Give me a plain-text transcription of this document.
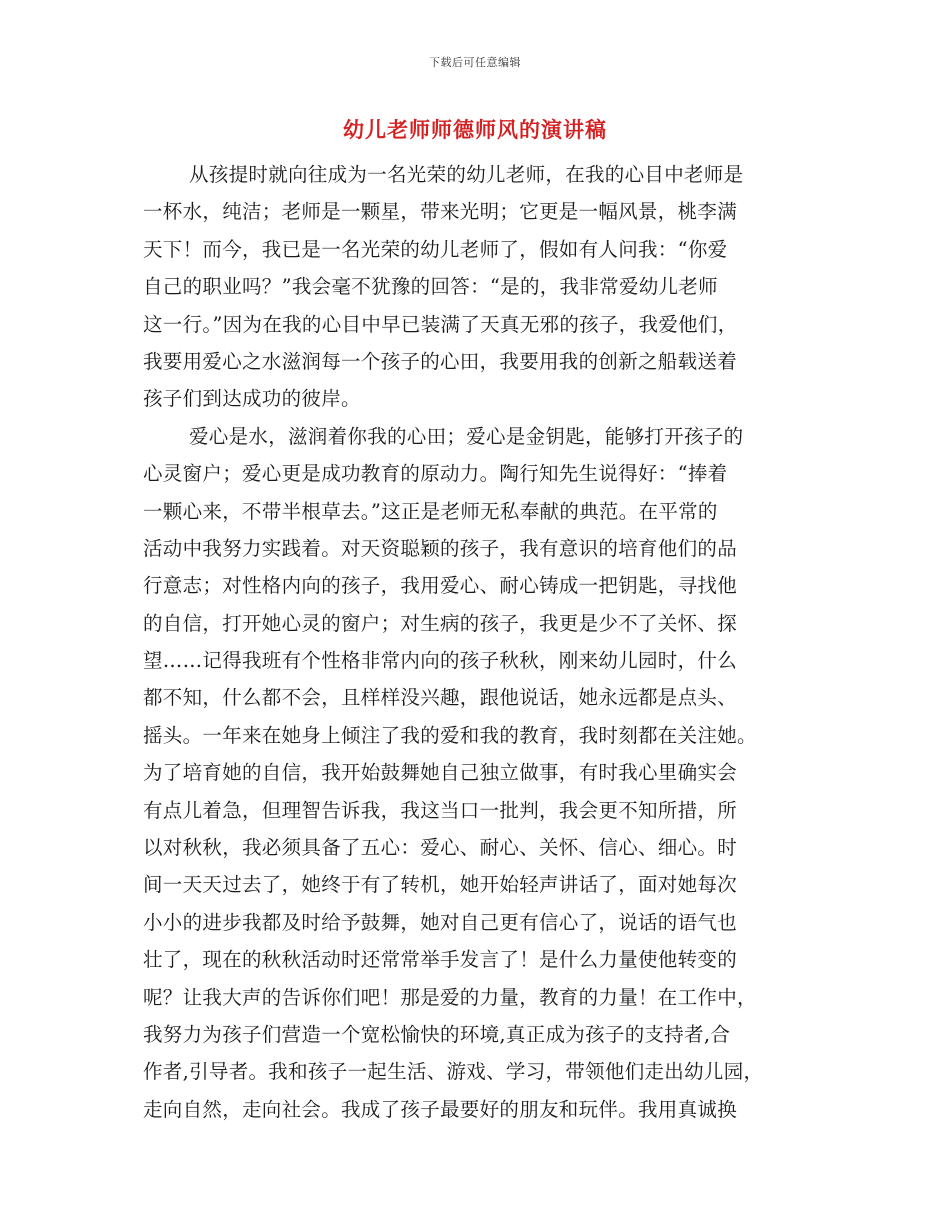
下载后可任意编辑
幼儿老师师德师风的演讲稿
从孩提时就向往成为一名光荣的幼儿老师，在我的心目中老师是
一杯水，纯洁；老师是一颗星，带来光明；它更是一幅风景，桃李满
天下！而今，我已是一名光荣的幼儿老师了，假如有人问我：“你爱
自己的职业吗？”我会毫不犹豫的回答：“是的，我非常爱幼儿老师
这一行。”因为在我的心目中早已装满了天真无邪的孩子，我爱他们，
我要用爱心之水滋润每一个孩子的心田，我要用我的创新之船载送着
孩子们到达成功的彼岸。
爱心是水，滋润着你我的心田；爱心是金钥匙，能够打开孩子的
心灵窗户；爱心更是成功教育的原动力。陶行知先生说得好：“捧着
一颗心来，不带半根草去。”这正是老师无私奉献的典范。在平常的
活动中我努力实践着。对天资聪颖的孩子，我有意识的培育他们的品
行意志；对性格内向的孩子，我用爱心、耐心铸成一把钥匙，寻找他
的自信，打开她心灵的窗户；对生病的孩子，我更是少不了关怀、探
望……记得我班有个性格非常内向的孩子秋秋，刚来幼儿园时，什么
都不知，什么都不会，且样样没兴趣，跟他说话，她永远都是点头、
摇头。一年来在她身上倾注了我的爱和我的教育，我时刻都在关注她。
为了培育她的自信，我开始鼓舞她自己独立做事，有时我心里确实会
有点儿着急，但理智告诉我，我这当口一批判，我会更不知所措，所
以对秋秋，我必须具备了五心：爱心、耐心、关怀、信心、细心。时
间一天天过去了，她终于有了转机，她开始轻声讲话了，面对她每次
小小的进步我都及时给予鼓舞，她对自己更有信心了，说话的语气也
壮了，现在的秋秋活动时还常常举手发言了！是什么力量使他转变的
呢？让我大声的告诉你们吧！那是爱的力量，教育的力量！在工作中，
我努力为孩子们营造一个宽松愉快的环境,真正成为孩子的支持者,合
作者,引导者。我和孩子一起生活、游戏、学习，带领他们走出幼儿园，
走向自然，走向社会。我成了孩子最要好的朋友和玩伴。我用真诚换
